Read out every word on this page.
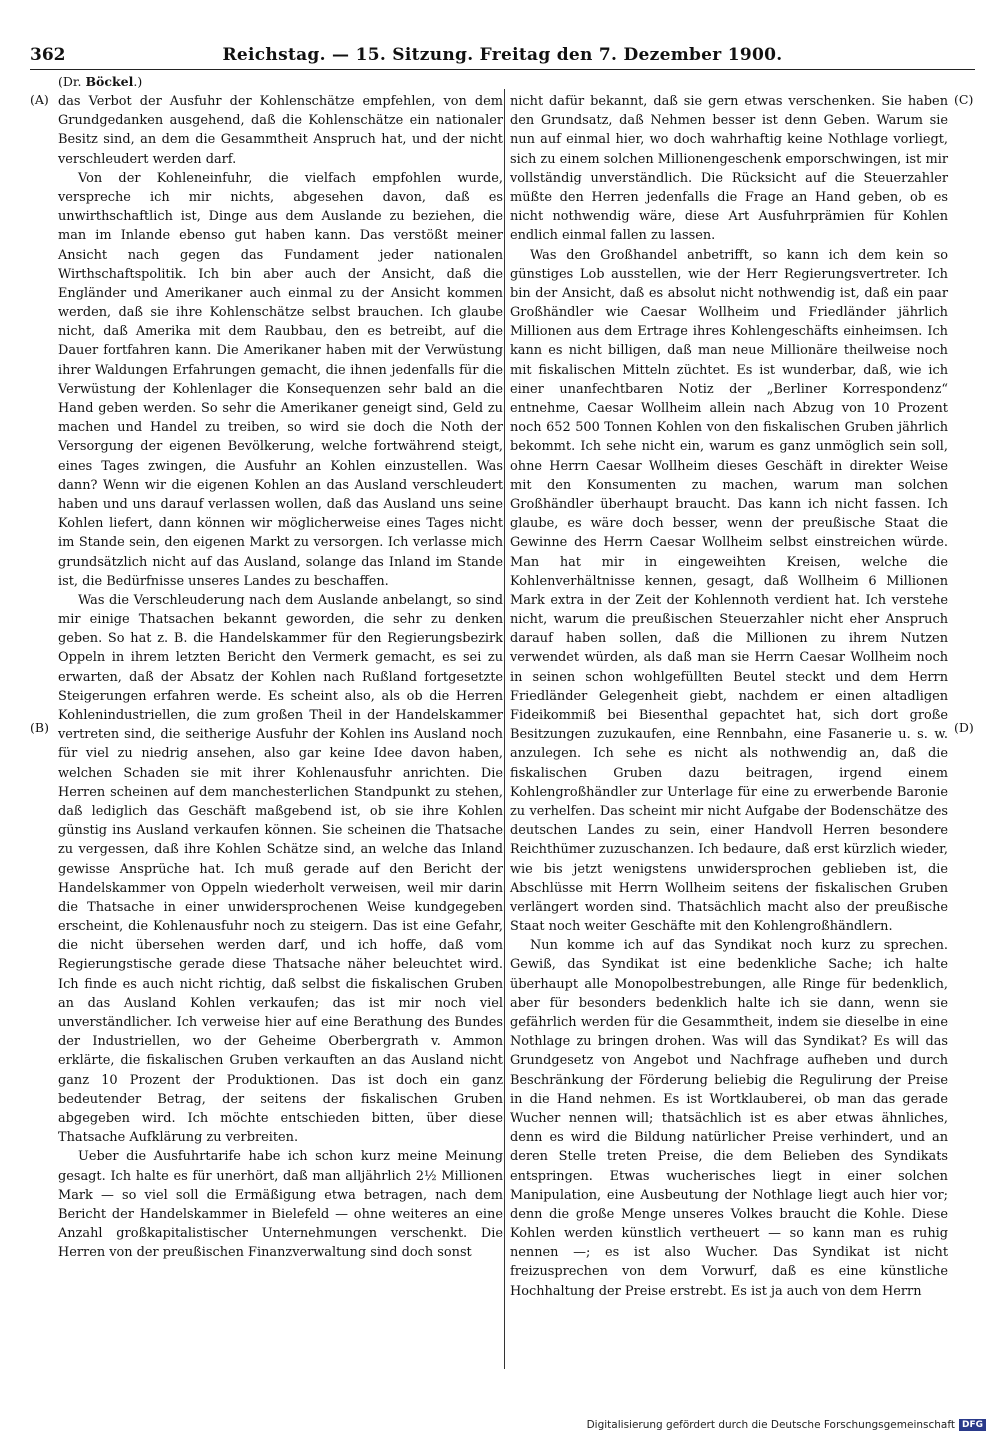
362	Reichstag. — 15. Sitzung. Freitag den 7. Dezember 1900.
(Dr. Böckel.)
(A)
(B)
(C)
(D)

das Verbot der Ausfuhr der Kohlenschätze empfehlen, von dem Grundgedanken ausgehend, daß die Kohlenschätze ein nationaler Besitz sind, an dem die Gesammtheit Anspruch hat, und der nicht verschleudert werden darf.

Von der Kohleneinfuhr, die vielfach empfohlen wurde, verspreche ich mir nichts, abgesehen davon, daß es unwirthschaftlich ist, Dinge aus dem Auslande zu beziehen, die man im Inlande ebenso gut haben kann. Das verstößt meiner Ansicht nach gegen das Fundament jeder nationalen Wirthschaftspolitik. Ich bin aber auch der Ansicht, daß die Engländer und Amerikaner auch einmal zu der Ansicht kommen werden, daß sie ihre Kohlenschätze selbst brauchen. Ich glaube nicht, daß Amerika mit dem Raubbau, den es betreibt, auf die Dauer fortfahren kann. Die Amerikaner haben mit der Verwüstung ihrer Waldungen Erfahrungen gemacht, die ihnen jedenfalls für die Verwüstung der Kohlenlager die Konsequenzen sehr bald an die Hand geben werden. So sehr die Amerikaner geneigt sind, Geld zu machen und Handel zu treiben, so wird sie doch die Noth der Versorgung der eigenen Bevölkerung, welche fortwährend steigt, eines Tages zwingen, die Ausfuhr an Kohlen einzustellen. Was dann? Wenn wir die eigenen Kohlen an das Ausland verschleudert haben und uns darauf verlassen wollen, daß das Ausland uns seine Kohlen liefert, dann können wir möglicherweise eines Tages nicht im Stande sein, den eigenen Markt zu versorgen. Ich verlasse mich grundsätzlich nicht auf das Ausland, solange das Inland im Stande ist, die Bedürfnisse unseres Landes zu beschaffen.

Was die Verschleuderung nach dem Auslande anbelangt, so sind mir einige Thatsachen bekannt geworden, die sehr zu denken geben. So hat z. B. die Handelskammer für den Regierungsbezirk Oppeln in ihrem letzten Bericht den Vermerk gemacht, es sei zu erwarten, daß der Absatz der Kohlen nach Rußland fortgesetzte Steigerungen erfahren werde. Es scheint also, als ob die Herren Kohlenindustriellen, die zum großen Theil in der Handelskammer vertreten sind, die seitherige Ausfuhr der Kohlen ins Ausland noch für viel zu niedrig ansehen, also gar keine Idee davon haben, welchen Schaden sie mit ihrer Kohlenausfuhr anrichten. Die Herren scheinen auf dem manchesterlichen Standpunkt zu stehen, daß lediglich das Geschäft maßgebend ist, ob sie ihre Kohlen günstig ins Ausland verkaufen können. Sie scheinen die Thatsache zu vergessen, daß ihre Kohlen Schätze sind, an welche das Inland gewisse Ansprüche hat. Ich muß gerade auf den Bericht der Handelskammer von Oppeln wiederholt verweisen, weil mir darin die Thatsache in einer unwidersprochenen Weise kundgegeben erscheint, die Kohlenausfuhr noch zu steigern. Das ist eine Gefahr, die nicht übersehen werden darf, und ich hoffe, daß vom Regierungstische gerade diese Thatsache näher beleuchtet wird. Ich finde es auch nicht richtig, daß selbst die fiskalischen Gruben an das Ausland Kohlen verkaufen; das ist mir noch viel unverständlicher. Ich verweise hier auf eine Berathung des Bundes der Industriellen, wo der Geheime Oberbergrath v. Ammon erklärte, die fiskalischen Gruben verkauften an das Ausland nicht ganz 10 Prozent der Produktionen. Das ist doch ein ganz bedeutender Betrag, der seitens der fiskalischen Gruben abgegeben wird. Ich möchte entschieden bitten, über diese Thatsache Aufklärung zu verbreiten.

Ueber die Ausfuhrtarife habe ich schon kurz meine Meinung gesagt. Ich halte es für unerhört, daß man alljährlich 2½ Millionen Mark — so viel soll die Ermäßigung etwa betragen, nach dem Bericht der Handelskammer in Bielefeld — ohne weiteres an eine Anzahl großkapitalistischer Unternehmungen verschenkt. Die Herren von der preußischen Finanzverwaltung sind doch sonst

nicht dafür bekannt, daß sie gern etwas verschenken. Sie haben den Grundsatz, daß Nehmen besser ist denn Geben. Warum sie nun auf einmal hier, wo doch wahrhaftig keine Nothlage vorliegt, sich zu einem solchen Millionengeschenk emporschwingen, ist mir vollständig unverständlich. Die Rücksicht auf die Steuerzahler müßte den Herren jedenfalls die Frage an Hand geben, ob es nicht nothwendig wäre, diese Art Ausfuhrprämien für Kohlen endlich einmal fallen zu lassen.

Was den Großhandel anbetrifft, so kann ich dem kein so günstiges Lob ausstellen, wie der Herr Regierungsvertreter. Ich bin der Ansicht, daß es absolut nicht nothwendig ist, daß ein paar Großhändler wie Caesar Wollheim und Friedländer jährlich Millionen aus dem Ertrage ihres Kohlengeschäfts einheimsen. Ich kann es nicht billigen, daß man neue Millionäre theilweise noch mit fiskalischen Mitteln züchtet. Es ist wunderbar, daß, wie ich einer unanfechtbaren Notiz der „Berliner Korrespondenz“ entnehme, Caesar Wollheim allein nach Abzug von 10 Prozent noch 652 500 Tonnen Kohlen von den fiskalischen Gruben jährlich bekommt. Ich sehe nicht ein, warum es ganz unmöglich sein soll, ohne Herrn Caesar Wollheim dieses Geschäft in direkter Weise mit den Konsumenten zu machen, warum man solchen Großhändler überhaupt braucht. Das kann ich nicht fassen. Ich glaube, es wäre doch besser, wenn der preußische Staat die Gewinne des Herrn Caesar Wollheim selbst einstreichen würde. Man hat mir in eingeweihten Kreisen, welche die Kohlenverhältnisse kennen, gesagt, daß Wollheim 6 Millionen Mark extra in der Zeit der Kohlennoth verdient hat. Ich verstehe nicht, warum die preußischen Steuerzahler nicht eher Anspruch darauf haben sollen, daß die Millionen zu ihrem Nutzen verwendet würden, als daß man sie Herrn Caesar Wollheim noch in seinen schon wohlgefüllten Beutel steckt und dem Herrn Friedländer Gelegenheit giebt, nachdem er einen altadligen Fideikommiß bei Biesenthal gepachtet hat, sich dort große Besitzungen zuzukaufen, eine Rennbahn, eine Fasanerie u. s. w. anzulegen. Ich sehe es nicht als nothwendig an, daß die fiskalischen Gruben dazu beitragen, irgend einem Kohlengroßhändler zur Unterlage für eine zu erwerbende Baronie zu verhelfen. Das scheint mir nicht Aufgabe der Bodenschätze des deutschen Landes zu sein, einer Handvoll Herren besondere Reichthümer zuzuschanzen. Ich bedaure, daß erst kürzlich wieder, wie bis jetzt wenigstens unwidersprochen geblieben ist, die Abschlüsse mit Herrn Wollheim seitens der fiskalischen Gruben verlängert worden sind. Thatsächlich macht also der preußische Staat noch weiter Geschäfte mit den Kohlengroßhändlern.

Nun komme ich auf das Syndikat noch kurz zu sprechen. Gewiß, das Syndikat ist eine bedenkliche Sache; ich halte überhaupt alle Monopolbestrebungen, alle Ringe für bedenklich, aber für besonders bedenklich halte ich sie dann, wenn sie gefährlich werden für die Gesammtheit, indem sie dieselbe in eine Nothlage zu bringen drohen. Was will das Syndikat? Es will das Grundgesetz von Angebot und Nachfrage aufheben und durch Beschränkung der Förderung beliebig die Regulirung der Preise in die Hand nehmen. Es ist Wortklauberei, ob man das gerade Wucher nennen will; thatsächlich ist es aber etwas ähnliches, denn es wird die Bildung natürlicher Preise verhindert, und an deren Stelle treten Preise, die dem Belieben des Syndikats entspringen. Etwas wucherisches liegt in einer solchen Manipulation, eine Ausbeutung der Nothlage liegt auch hier vor; denn die große Menge unseres Volkes braucht die Kohle. Diese Kohlen werden künstlich vertheuert — so kann man es ruhig nennen —; es ist also Wucher. Das Syndikat ist nicht freizusprechen von dem Vorwurf, daß es eine künstliche Hochhaltung der Preise erstrebt. Es ist ja auch von dem Herrn

Digitalisierung gefördert durch die Deutsche Forschungsgemeinschaft DFG
